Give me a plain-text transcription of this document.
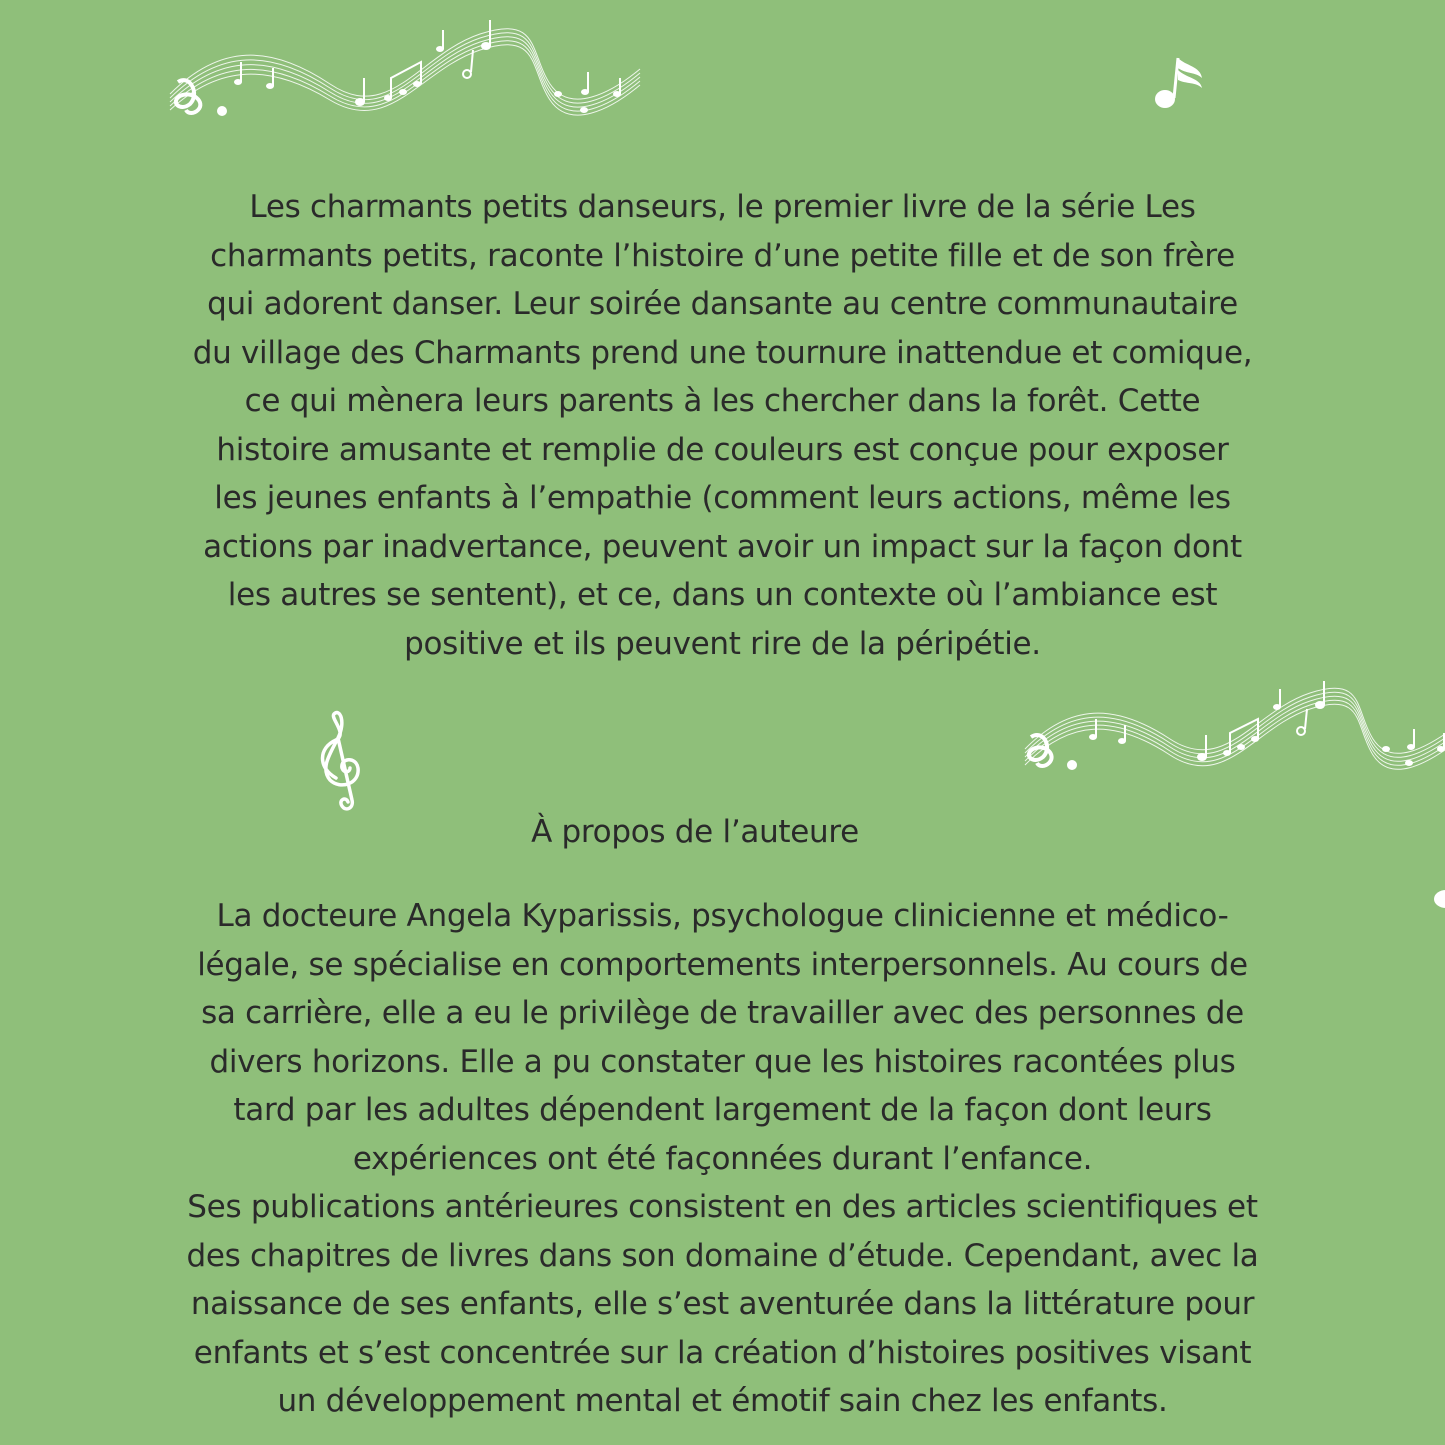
Les charmants petits danseurs, le premier livre de la série Les
charmants petits, raconte l’histoire d’une petite fille et de son frère
qui adorent danser. Leur soirée dansante au centre communautaire
du village des Charmants prend une tournure inattendue et comique,
ce qui mènera leurs parents à les chercher dans la forêt. Cette
histoire amusante et remplie de couleurs est conçue pour exposer
les jeunes enfants à l’empathie (comment leurs actions, même les
actions par inadvertance, peuvent avoir un impact sur la façon dont
les autres se sentent), et ce, dans un contexte où l’ambiance est
positive et ils peuvent rire de la péripétie.
À propos de l’auteure
La docteure Angela Kyparissis, psychologue clinicienne et médico-
légale, se spécialise en comportements interpersonnels. Au cours de
sa carrière, elle a eu le privilège de travailler avec des personnes de
divers horizons. Elle a pu constater que les histoires racontées plus
tard par les adultes dépendent largement de la façon dont leurs
expériences ont été façonnées durant l’enfance.
Ses publications antérieures consistent en des articles scientifiques et
des chapitres de livres dans son domaine d’étude. Cependant, avec la
naissance de ses enfants, elle s’est aventurée dans la littérature pour
enfants et s’est concentrée sur la création d’histoires positives visant
un développement mental et émotif sain chez les enfants.
